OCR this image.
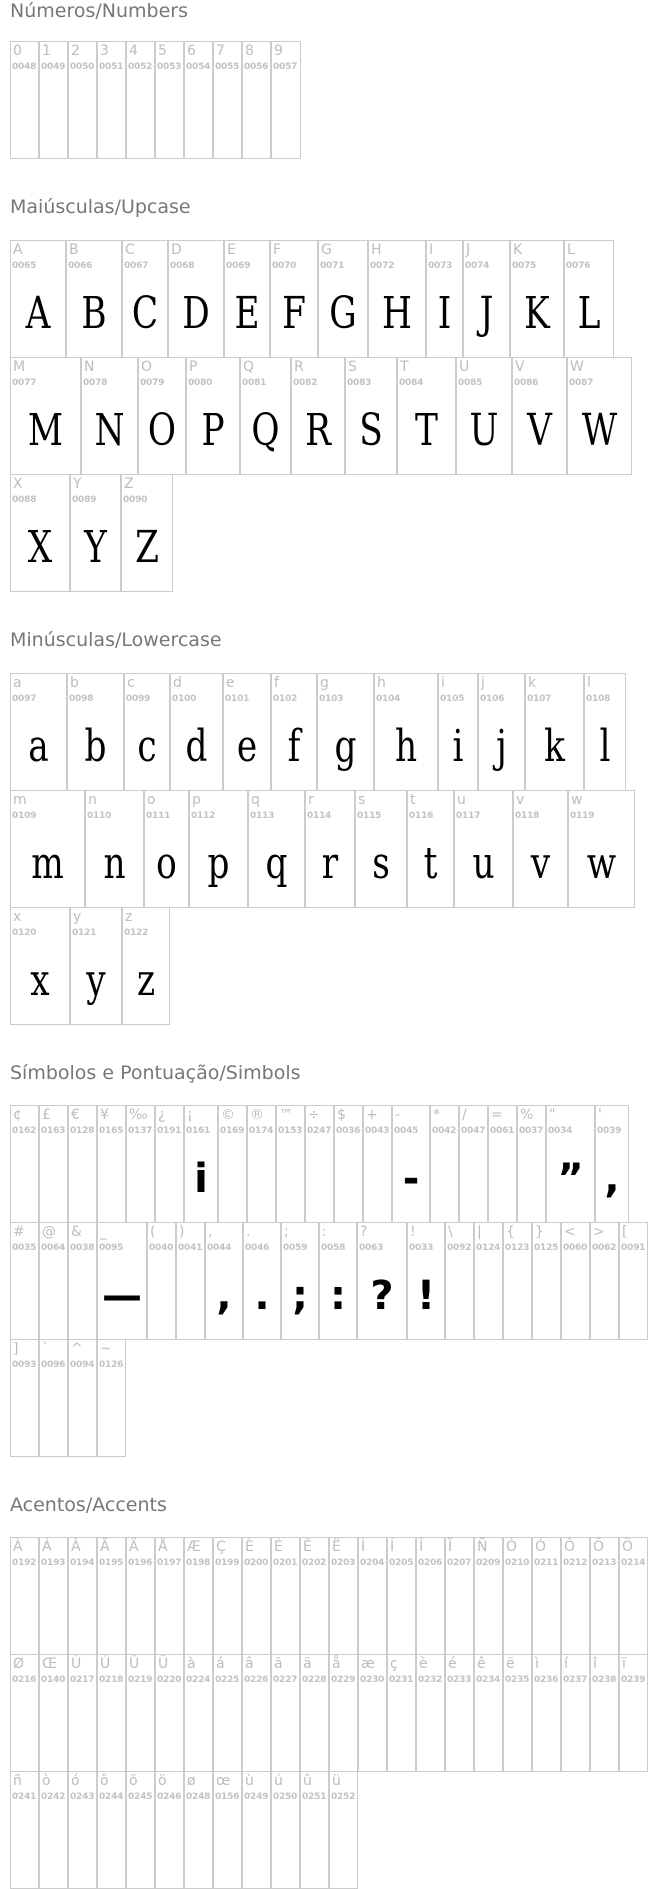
Números/Numbers
Maiúsculas/Upcase
Minúsculas/Lowercase
Símbolos e Pontuação/Simbols
Acentos/Accents
0
0048
1
0049
2
0050
3
0051
4
0052
5
0053
6
0054
7
0055
8
0056
9
0057
A
0065
A
B
0066
B
C
0067
C
D
0068
D
E
0069
E
F
0070
F
G
0071
G
H
0072
H
I
0073
I
J
0074
J
K
0075
K
L
0076
L
M
0077
M
N
0078
N
O
0079
O
P
0080
P
Q
0081
Q
R
0082
R
S
0083
S
T
0084
T
U
0085
U
V
0086
V
W
0087
W
X
0088
X
Y
0089
Y
Z
0090
Z
a
0097
a
b
0098
b
c
0099
c
d
0100
d
e
0101
e
f
0102
f
g
0103
g
h
0104
h
i
0105
i
j
0106
j
k
0107
k
l
0108
l
m
0109
m
n
0110
n
o
0111
o
p
0112
p
q
0113
q
r
0114
r
s
0115
s
t
0116
t
u
0117
u
v
0118
v
w
0119
w
x
0120
x
y
0121
y
z
0122
z
¢
0162
£
0163
€
0128
¥
0165
‰
0137
¿
0191
¡
0161
i
©
0169
®
0174
™
0153
÷
0247
$
0036
+
0043
-
0045
-
*
0042
/
0047
=
0061
%
0037
"
0034
”
'
0039
,
#
0035
@
0064
&
0038
_
0095
—
(
0040
)
0041
,
0044
,
.
0046
.
;
0059
;
:
0058
:
?
0063
?
!
0033
!
\
0092
|
0124
{
0123
}
0125
<
0060
>
0062
[
0091
]
0093
`
0096
^
0094
~
0126
À
0192
Á
0193
Â
0194
Ã
0195
Ä
0196
Å
0197
Æ
0198
Ç
0199
È
0200
É
0201
Ê
0202
Ë
0203
Ì
0204
Í
0205
Î
0206
Ï
0207
Ñ
0209
Ò
0210
Ó
0211
Ô
0212
Õ
0213
Ö
0214
Ø
0216
Œ
0140
Ù
0217
Ú
0218
Û
0219
Ü
0220
à
0224
á
0225
â
0226
ã
0227
ä
0228
å
0229
æ
0230
ç
0231
è
0232
é
0233
ê
0234
ë
0235
ì
0236
í
0237
î
0238
ï
0239
ñ
0241
ò
0242
ó
0243
ô
0244
õ
0245
ö
0246
ø
0248
œ
0156
ù
0249
ú
0250
û
0251
ü
0252
